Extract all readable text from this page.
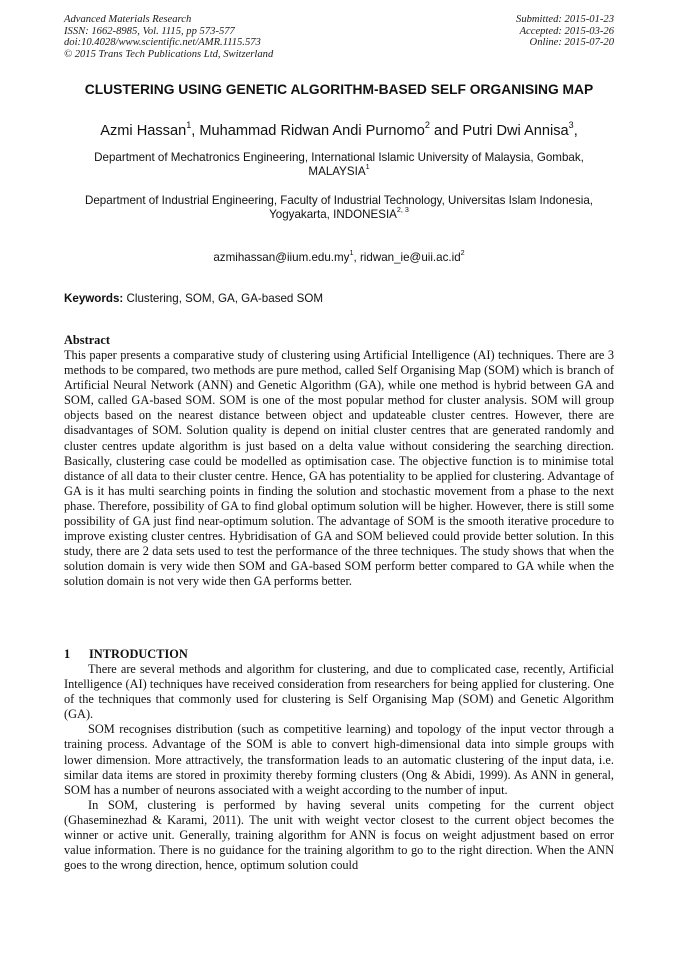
Advanced Materials Research
ISSN: 1662-8985, Vol. 1115, pp 573-577
doi:10.4028/www.scientific.net/AMR.1115.573
© 2015 Trans Tech Publications Ltd, Switzerland
Submitted: 2015-01-23
Accepted: 2015-03-26
Online: 2015-07-20
CLUSTERING USING GENETIC ALGORITHM-BASED SELF ORGANISING MAP
Azmi Hassan$^1$, Muhammad Ridwan Andi Purnomo$^2$ and Putri Dwi Annisa$^3$,
Department of Mechatronics Engineering, International Islamic University of Malaysia, Gombak, MALAYSIA$^1$
Department of Industrial Engineering, Faculty of Industrial Technology, Universitas Islam Indonesia,
Yogyakarta, INDONESIA$^{2, 3}$
$azmihassan@iium.edu.my^1$, $ridwan\_ie@uii.ac.id^2$
Keywords: Clustering, SOM, GA, GA-based SOM
Abstract
This paper presents a comparative study of clustering using Artificial Intelligence (AI) techniques. There are 3 methods to be compared, two methods are pure method, called Self Organising Map (SOM) which is branch of Artificial Neural Network (ANN) and Genetic Algorithm (GA), while one method is hybrid between GA and SOM, called GA-based SOM. SOM is one of the most popular method for cluster analysis. SOM will group objects based on the nearest distance between object and updateable cluster centres. However, there are disadvantages of SOM. Solution quality is depend on initial cluster centres that are generated randomly and cluster centres update algorithm is just based on a delta value without considering the searching direction. Basically, clustering case could be modelled as optimisation case. The objective function is to minimise total distance of all data to their cluster centre. Hence, GA has potentiality to be applied for clustering. Advantage of GA is it has multi searching points in finding the solution and stochastic movement from a phase to the next phase. Therefore, possibility of GA to find global optimum solution will be higher. However, there is still some possibility of GA just find near-optimum solution. The advantage of SOM is the smooth iterative procedure to improve existing cluster centres. Hybridisation of GA and SOM believed could provide better solution. In this study, there are 2 data sets used to test the performance of the three techniques. The study shows that when the solution domain is very wide then SOM and GA-based SOM perform better compared to GA while when the solution domain is not very wide then GA performs better.
1 INTRODUCTION

There are several methods and algorithm for clustering, and due to complicated case, recently, Artificial Intelligence (AI) techniques have received consideration from researchers for being applied for clustering. One of the techniques that commonly used for clustering is Self Organising Map (SOM) and Genetic Algorithm (GA).

SOM recognises distribution (such as competitive learning) and topology of the input vector through a training process. Advantage of the SOM is able to convert high-dimensional data into simple groups with lower dimension. More attractively, the transformation leads to an automatic clustering of the input data, i.e. similar data items are stored in proximity thereby forming clusters (Ong & Abidi, 1999). As ANN in general, SOM has a number of neurons associated with a weight according to the number of input.

In SOM, clustering is performed by having several units competing for the current object (Ghaseminezhad & Karami, 2011). The unit with weight vector closest to the current object becomes the winner or active unit. Generally, training algorithm for ANN is focus on weight adjustment based on error value information. There is no guidance for the training algorithm to go to the right direction. When the ANN goes to the wrong direction, hence, optimum solution could
